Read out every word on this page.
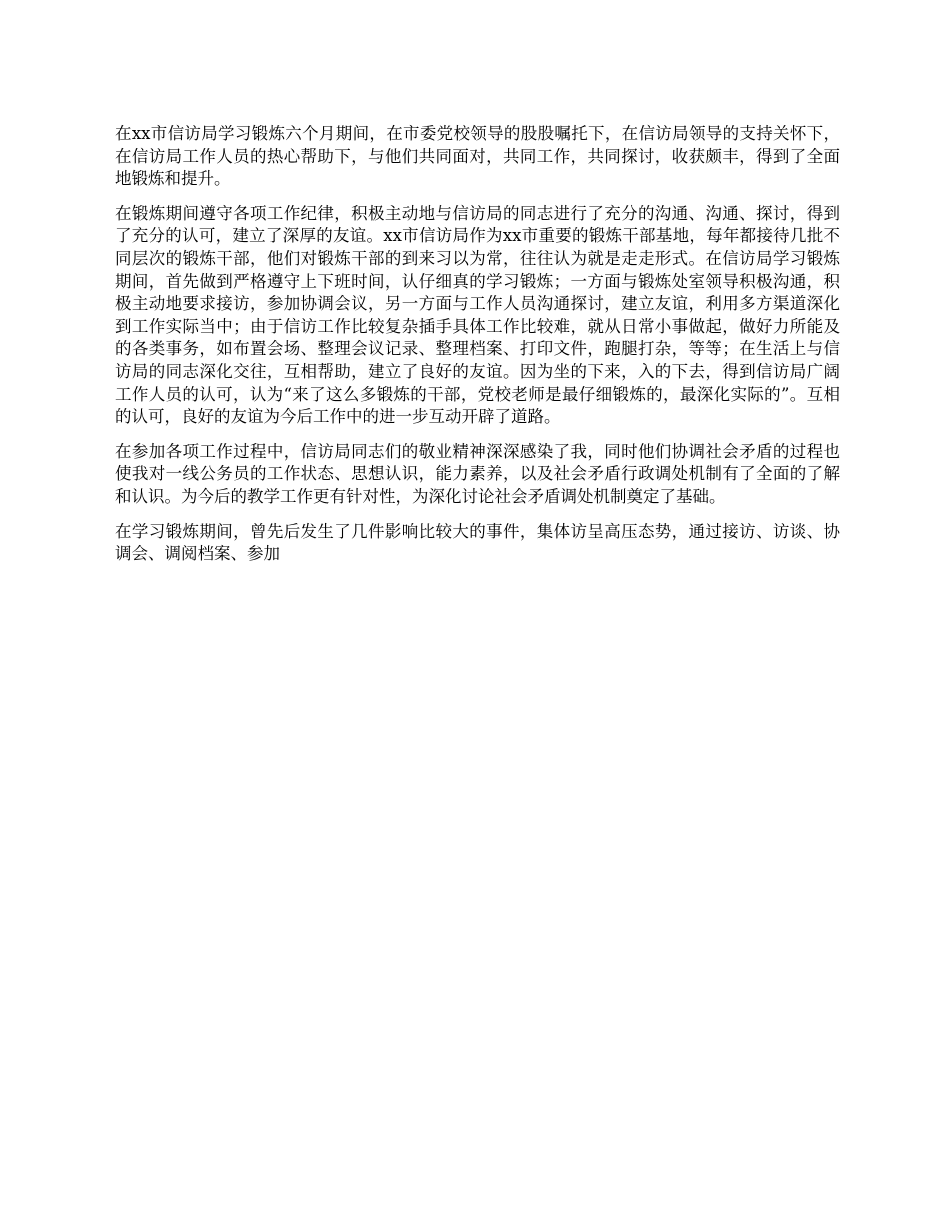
在xx市信访局学习锻炼六个月期间，在市委党校领导的股股嘱托下，在信访局领导的支持关怀下，在信访局工作人员的热心帮助下，与他们共同面对，共同工作，共同探讨，收获颇丰，得到了全面地锻炼和提升。

在锻炼期间遵守各项工作纪律，积极主动地与信访局的同志进行了充分的沟通、沟通、探讨，得到了充分的认可，建立了深厚的友谊。xx市信访局作为xx市重要的锻炼干部基地，每年都接待几批不同层次的锻炼干部，他们对锻炼干部的到来习以为常，往往认为就是走走形式。在信访局学习锻炼期间，首先做到严格遵守上下班时间，认仔细真的学习锻炼；一方面与锻炼处室领导积极沟通，积极主动地要求接访，参加协调会议，另一方面与工作人员沟通探讨，建立友谊，利用多方渠道深化到工作实际当中；由于信访工作比较复杂插手具体工作比较难，就从日常小事做起，做好力所能及的各类事务，如布置会场、整理会议记录、整理档案、打印文件，跑腿打杂，等等；在生活上与信访局的同志深化交往，互相帮助，建立了良好的友谊。因为坐的下来，入的下去，得到信访局广阔工作人员的认可，认为“来了这么多锻炼的干部，党校老师是最仔细锻炼的，最深化实际的”。互相的认可，良好的友谊为今后工作中的进一步互动开辟了道路。

在参加各项工作过程中，信访局同志们的敬业精神深深感染了我，同时他们协调社会矛盾的过程也使我对一线公务员的工作状态、思想认识，能力素养，以及社会矛盾行政调处机制有了全面的了解和认识。为今后的教学工作更有针对性，为深化讨论社会矛盾调处机制奠定了基础。

在学习锻炼期间，曾先后发生了几件影响比较大的事件，集体访呈高压态势，通过接访、访谈、协调会、调阅档案、参加
